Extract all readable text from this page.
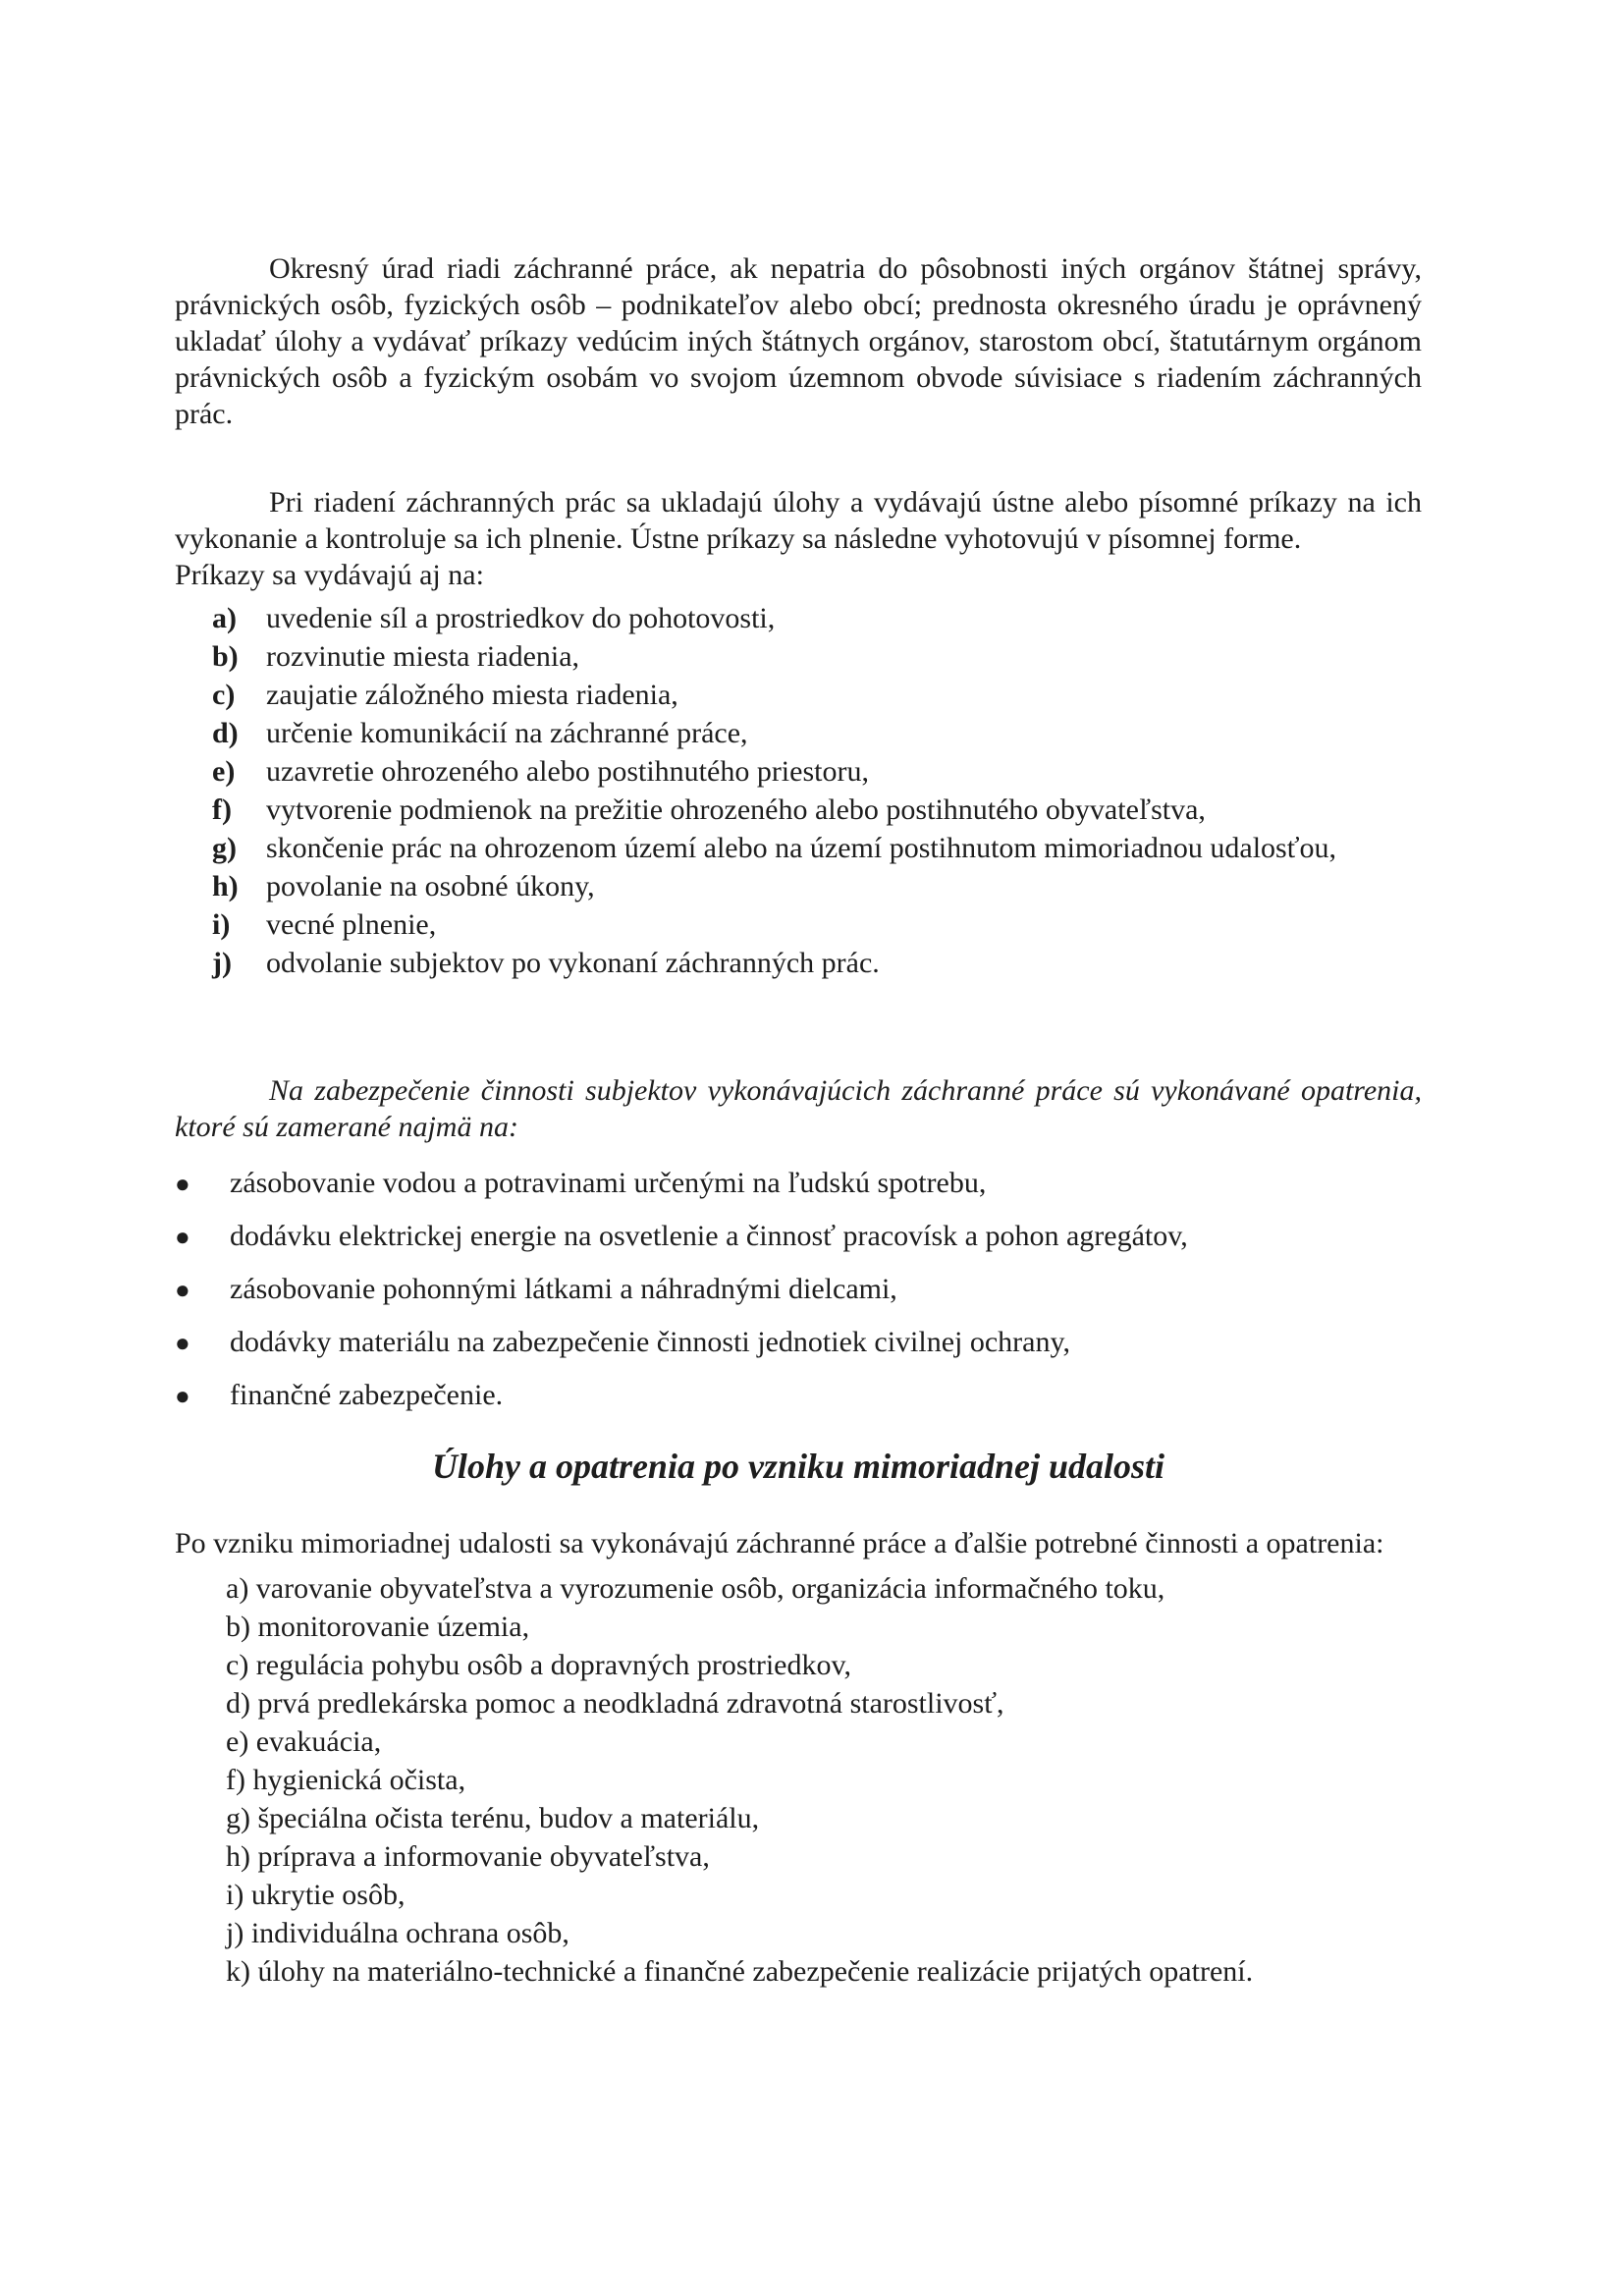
Okresný úrad riadi záchranné práce, ak nepatria do pôsobnosti iných orgánov štátnej správy, právnických osôb, fyzických osôb – podnikateľov alebo obcí; prednosta okresného úradu je oprávnený ukladať úlohy a vydávať príkazy vedúcim iných štátnych orgánov, starostom obcí, štatutárnym orgánom právnických osôb a fyzickým osobám vo svojom územnom obvode súvisiace s riadením záchranných prác.

Pri riadení záchranných prác sa ukladajú úlohy a vydávajú ústne alebo písomné príkazy na ich vykonanie a kontroluje sa ich plnenie. Ústne príkazy sa následne vyhotovujú v písomnej forme.

Príkazy sa vydávajú aj na:

a)	uvedenie síl a prostriedkov do pohotovosti,
b) rozvinutie miesta riadenia,
c)	zaujatie záložného miesta riadenia,
d) určenie komunikácií na záchranné práce,
e)	uzavretie ohrozeného alebo postihnutého priestoru,
f)	vytvorenie podmienok na prežitie ohrozeného alebo postihnutého obyvateľstva,
g)	skončenie prác na ohrozenom území alebo na území postihnutom mimoriadnou udalosťou,
h) povolanie na osobné úkony,
i)	vecné plnenie,
j)	odvolanie subjektov po vykonaní záchranných prác.

Na zabezpečenie činnosti subjektov vykonávajúcich záchranné práce sú vykonávané opatrenia, ktoré sú zamerané najmä na:

●	zásobovanie vodou a potravinami určenými na ľudskú spotrebu,
●	dodávku elektrickej energie na osvetlenie a činnosť pracovísk a pohon agregátov,
●	zásobovanie pohonnými látkami a náhradnými dielcami,
●	dodávky materiálu na zabezpečenie činnosti jednotiek civilnej ochrany,
●	finančné zabezpečenie.
Úlohy a opatrenia po vzniku mimoriadnej udalosti

Po vzniku mimoriadnej udalosti sa vykonávajú záchranné práce a ďalšie potrebné činnosti a opatrenia:

a) varovanie obyvateľstva a vyrozumenie osôb, organizácia informačného toku,
b) monitorovanie územia,
c) regulácia pohybu osôb a dopravných prostriedkov,
d) prvá predlekárska pomoc a neodkladná zdravotná starostlivosť,
e) evakuácia,
f) hygienická očista,
g) špeciálna očista terénu, budov a materiálu,
h) príprava a informovanie obyvateľstva,
i) ukrytie osôb,
j) individuálna ochrana osôb,
k) úlohy na materiálno-technické a finančné zabezpečenie realizácie prijatých opatrení.
